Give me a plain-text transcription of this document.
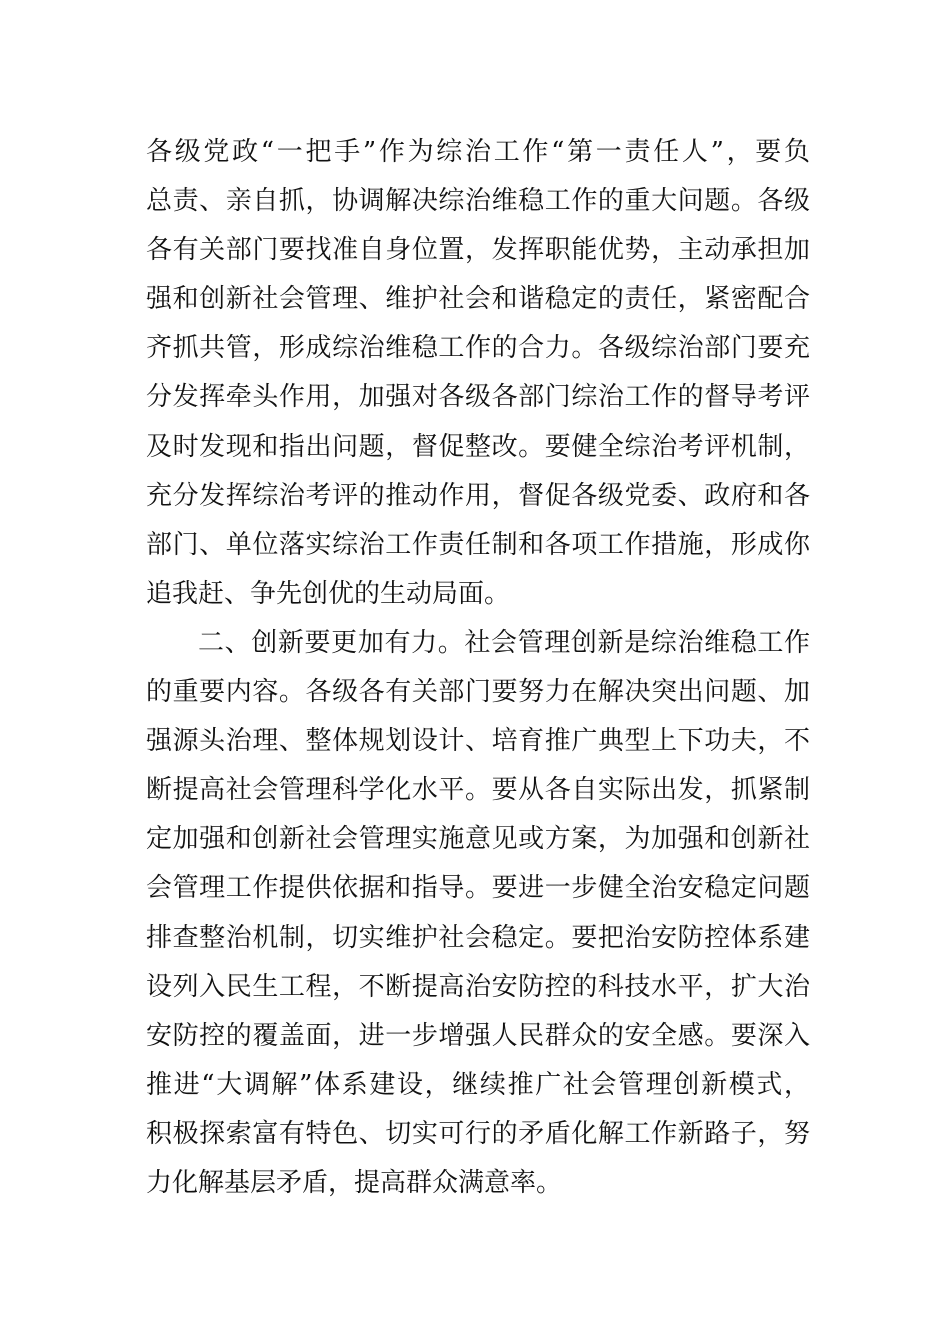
各级党政“一把手”作为综治工作“第一责任人”，要负
总责、亲自抓，协调解决综治维稳工作的重大问题。各级
各有关部门要找准自身位置，发挥职能优势，主动承担加
强和创新社会管理、维护社会和谐稳定的责任，紧密配合
齐抓共管，形成综治维稳工作的合力。各级综治部门要充
分发挥牵头作用，加强对各级各部门综治工作的督导考评
及时发现和指出问题，督促整改。要健全综治考评机制，
充分发挥综治考评的推动作用，督促各级党委、政府和各
部门、单位落实综治工作责任制和各项工作措施，形成你
追我赶、争先创优的生动局面。
二、创新要更加有力。社会管理创新是综治维稳工作
的重要内容。各级各有关部门要努力在解决突出问题、加
强源头治理、整体规划设计、培育推广典型上下功夫，不
断提高社会管理科学化水平。要从各自实际出发，抓紧制
定加强和创新社会管理实施意见或方案，为加强和创新社
会管理工作提供依据和指导。要进一步健全治安稳定问题
排查整治机制，切实维护社会稳定。要把治安防控体系建
设列入民生工程，不断提高治安防控的科技水平，扩大治
安防控的覆盖面，进一步增强人民群众的安全感。要深入
推进“大调解”体系建设，继续推广社会管理创新模式，
积极探索富有特色、切实可行的矛盾化解工作新路子，努
力化解基层矛盾，提高群众满意率。
